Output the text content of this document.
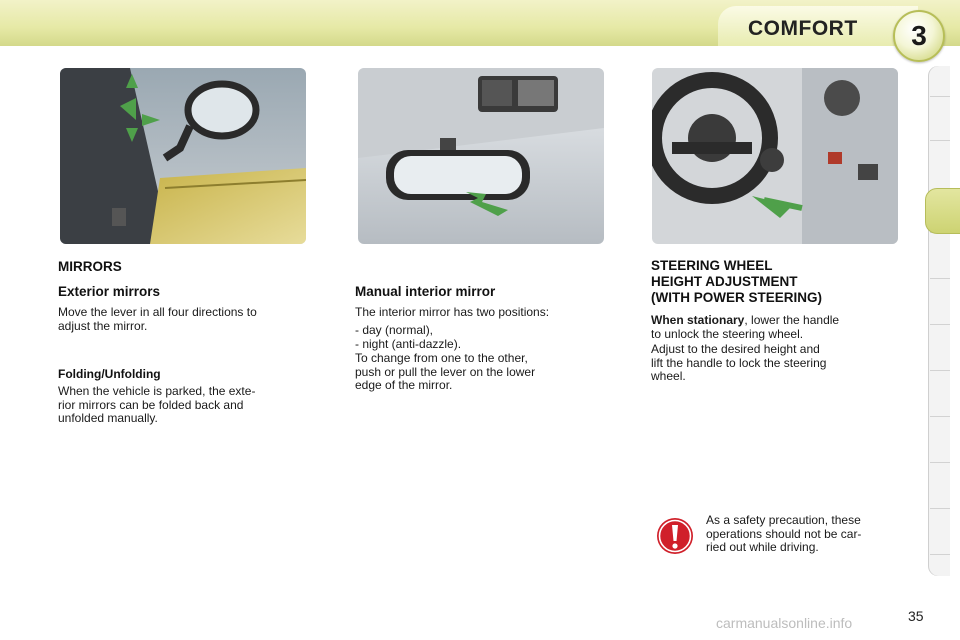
COMFORT	3
MIRRORS
Exterior mirrors
Move the lever in all four directions to
adjust the mirror.
Folding/Unfolding
When the vehicle is parked, the exte-
rior mirrors can be folded back and
unfolded manually.
Manual interior mirror
The interior mirror has two positions:
- day (normal),
- night (anti-dazzle).
To change from one to the other,
push or pull the lever on the lower
edge of the mirror.
STEERING WHEEL
HEIGHT ADJUSTMENT
(WITH POWER STEERING)
When stationary, lower the handle
to unlock the steering wheel.
Adjust to the desired height and
lift the handle to lock the steering
wheel.
As a safety precaution, these
operations should not be car-
ried out while driving.
35
carmanualsonline.info
